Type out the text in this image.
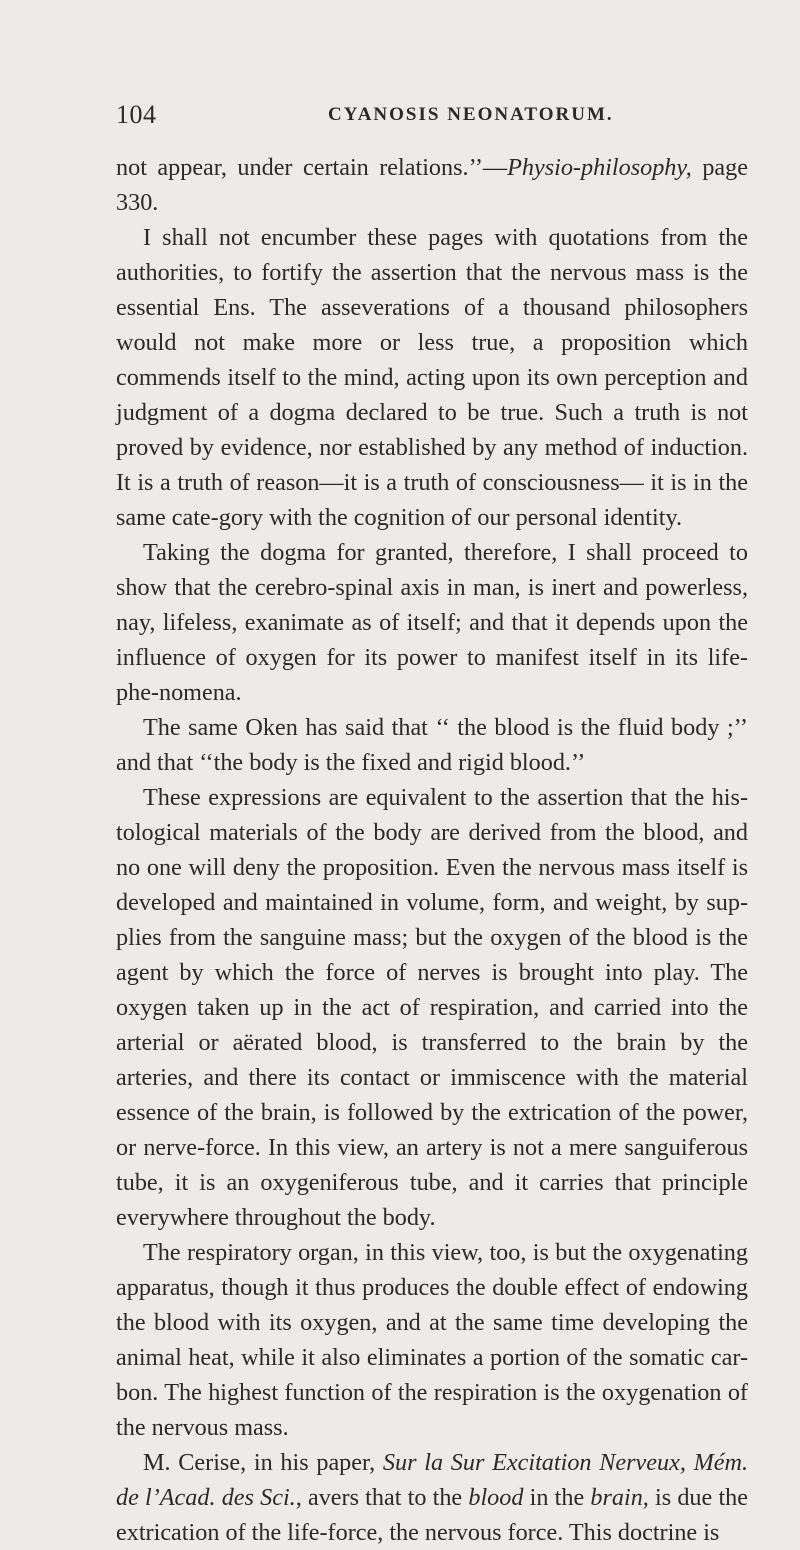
104	CYANOSIS NEONATORUM.

not appear, under certain relations.’’—Physio-philosophy, page 330.

I shall not encumber these pages with quotations from the authorities, to fortify the assertion that the nervous mass is the essential Ens. The asseverations of a thousand philosophers would not make more or less true, a proposition which commends itself to the mind, acting upon its own perception and judgment of a dogma declared to be true. Such a truth is not proved by evidence, nor established by any method of induction. It is a truth of reason—it is a truth of consciousness— it is in the same cate-gory with the cognition of our personal identity.

Taking the dogma for granted, therefore, I shall proceed to show that the cerebro-spinal axis in man, is inert and powerless, nay, lifeless, exanimate as of itself; and that it depends upon the influence of oxygen for its power to manifest itself in its life-phe-nomena.

The same Oken has said that ‘‘ the blood is the fluid body ;’’ and that ‘‘the body is the fixed and rigid blood.’’

These expressions are equivalent to the assertion that the his-tological materials of the body are derived from the blood, and no one will deny the proposition. Even the nervous mass itself is developed and maintained in volume, form, and weight, by sup-plies from the sanguine mass; but the oxygen of the blood is the agent by which the force of nerves is brought into play. The oxygen taken up in the act of respiration, and carried into the arterial or aërated blood, is transferred to the brain by the arteries, and there its contact or immiscence with the material essence of the brain, is followed by the extrication of the power, or nerve-force. In this view, an artery is not a mere sanguiferous tube, it is an oxygeniferous tube, and it carries that principle everywhere throughout the body.

The respiratory organ, in this view, too, is but the oxygenating apparatus, though it thus produces the double effect of endowing the blood with its oxygen, and at the same time developing the animal heat, while it also eliminates a portion of the somatic car-bon. The highest function of the respiration is the oxygenation of the nervous mass.

M. Cerise, in his paper, Sur la Sur Excitation Nerveux, Mém. de l’Acad. des Sci., avers that to the blood in the brain, is due the extrication of the life-force, the nervous force. This doctrine is
